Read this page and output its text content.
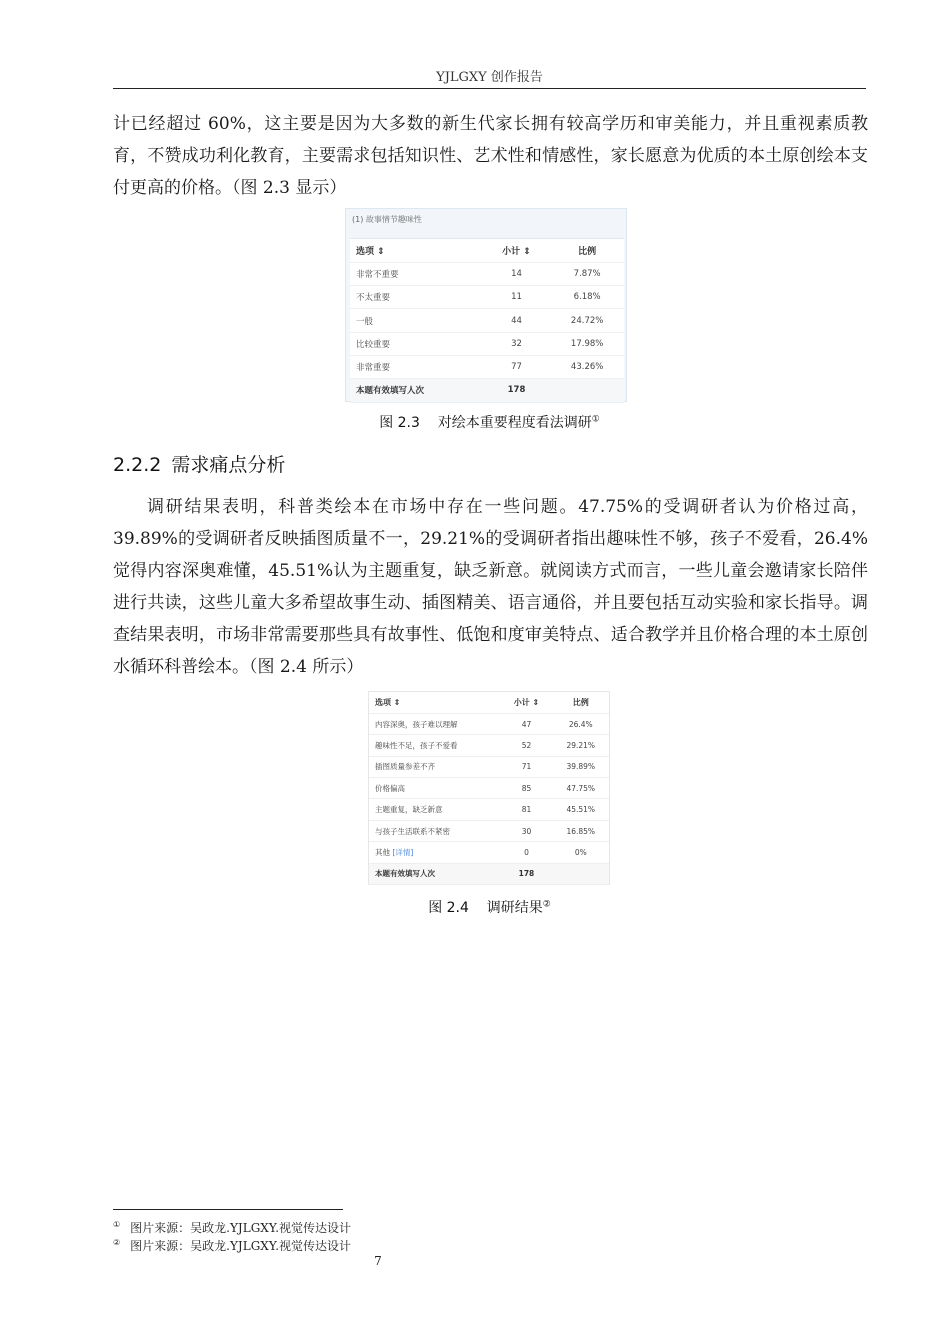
YJLGXY 创作报告

计已经超过 60%，这主要是因为大多数的新生代家长拥有较高学历和审美能力，并且重视素质教育，不赞成功利化教育，主要需求包括知识性、艺术性和情感性，家长愿意为优质的本土原创绘本支付更高的价格。（图 2.3 显示）

(1) 故事情节趣味性
选项 ⇕	小计 ⇕	比例
非常不重要	14	7.87%
不太重要	11	6.18%
一般	44	24.72%
比较重要	32	17.98%
非常重要	77	43.26%
本题有效填写人次	178	
图 2.3 对绘本重要程度看法调研①
2.2.2 需求痛点分析

调研结果表明，科普类绘本在市场中存在一些问题。47.75%的受调研者认为价格过高，39.89%的受调研者反映插图质量不一，29.21%的受调研者指出趣味性不够，孩子不爱看，26.4%觉得内容深奥难懂，45.51%认为主题重复，缺乏新意。就阅读方式而言，一些儿童会邀请家长陪伴进行共读，这些儿童大多希望故事生动、插图精美、语言通俗，并且要包括互动实验和家长指导。调查结果表明，市场非常需要那些具有故事性、低饱和度审美特点、适合教学并且价格合理的本土原创水循环科普绘本。（图 2.4 所示）

选项 ⇕	小计 ⇕	比例
内容深奥，孩子难以理解	47	26.4%
趣味性不足，孩子不爱看	52	29.21%
插图质量参差不齐	71	39.89%
价格偏高	85	47.75%
主题重复，缺乏新意	81	45.51%
与孩子生活联系不紧密	30	16.85%
其他 [详情]	0	0%
本题有效填写人次	178	
图 2.4 调研结果②
① 图片来源：吴政龙.YJLGXY.视觉传达设计
② 图片来源：吴政龙.YJLGXY.视觉传达设计
7
